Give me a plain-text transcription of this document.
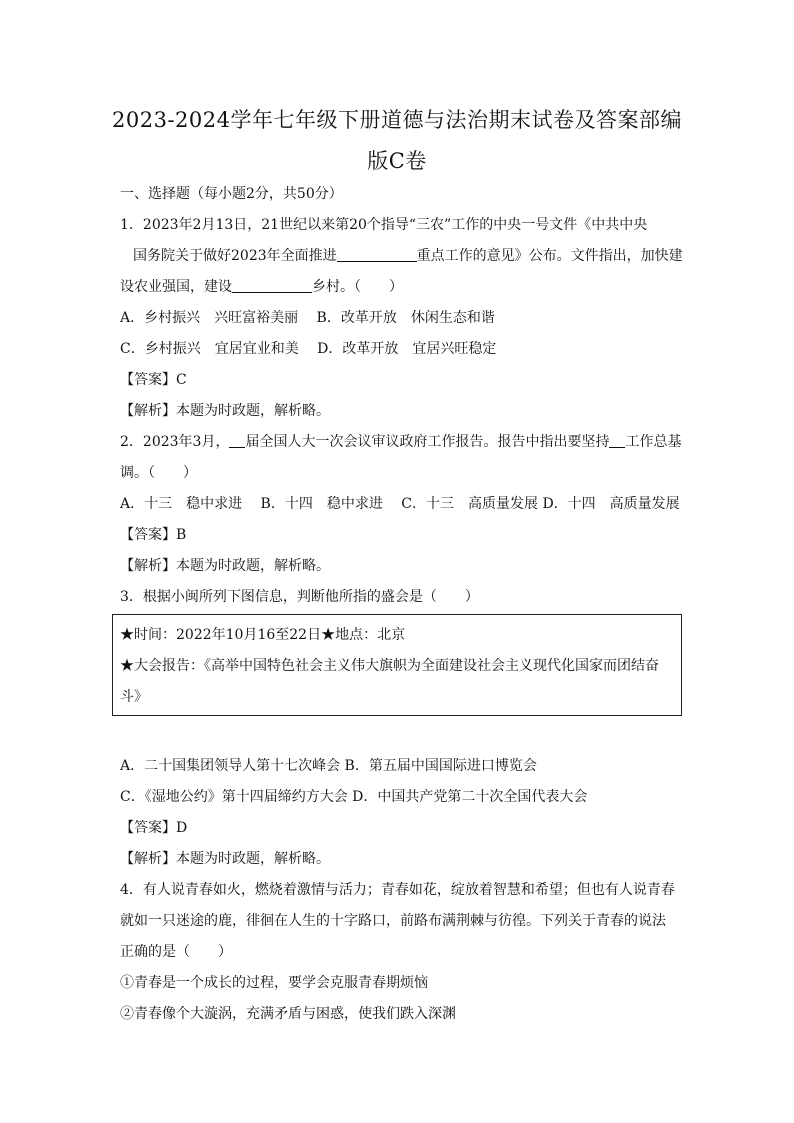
2023-2024学年七年级下册道德与法治期末试卷及答案部编
版C卷
一、选择题（每小题2分，共50分）
1．2023年2月13日，21世纪以来第20个指导“三农”工作的中央一号文件《中共中央
国务院关于做好2023年全面推进	重点工作的意见》公布。文件指出，加快建
设农业强国，建设	乡村。（　　）
A．乡村振兴　兴旺富裕美丽　 B．改革开放　休闲生态和谐
C．乡村振兴　宜居宜业和美　 D．改革开放　宜居兴旺稳定
【答案】C
【解析】本题为时政题，解析略。
2．2023年3月， 届全国人大一次会议审议政府工作报告。报告中指出要坚持 工作总基
调。（　　）
A．十三　稳中求进　 B．十四　稳中求进　 C．十三　高质量发展 D．十四　高质量发展
【答案】B
【解析】本题为时政题，解析略。
3．根据小闽所列下图信息，判断他所指的盛会是（　　）
★时间：2022年10月16至22日★地点：北京
★大会报告：《高举中国特色社会主义伟大旗帜为全面建设社会主义现代化国家而团结奋
斗》
A．二十国集团领导人第十七次峰会 B．第五届中国国际进口博览会
C．《湿地公约》第十四届缔约方大会 D．中国共产党第二十次全国代表大会
【答案】D
【解析】本题为时政题，解析略。
4．有人说青春如火，燃烧着激情与活力；青春如花，绽放着智慧和希望；但也有人说青春
就如一只迷途的鹿，徘徊在人生的十字路口，前路布满荆棘与彷徨。下列关于青春的说法
正确的是（　　）
①青春是一个成长的过程，要学会克服青春期烦恼
②青春像个大漩涡，充满矛盾与困惑，使我们跌入深渊
